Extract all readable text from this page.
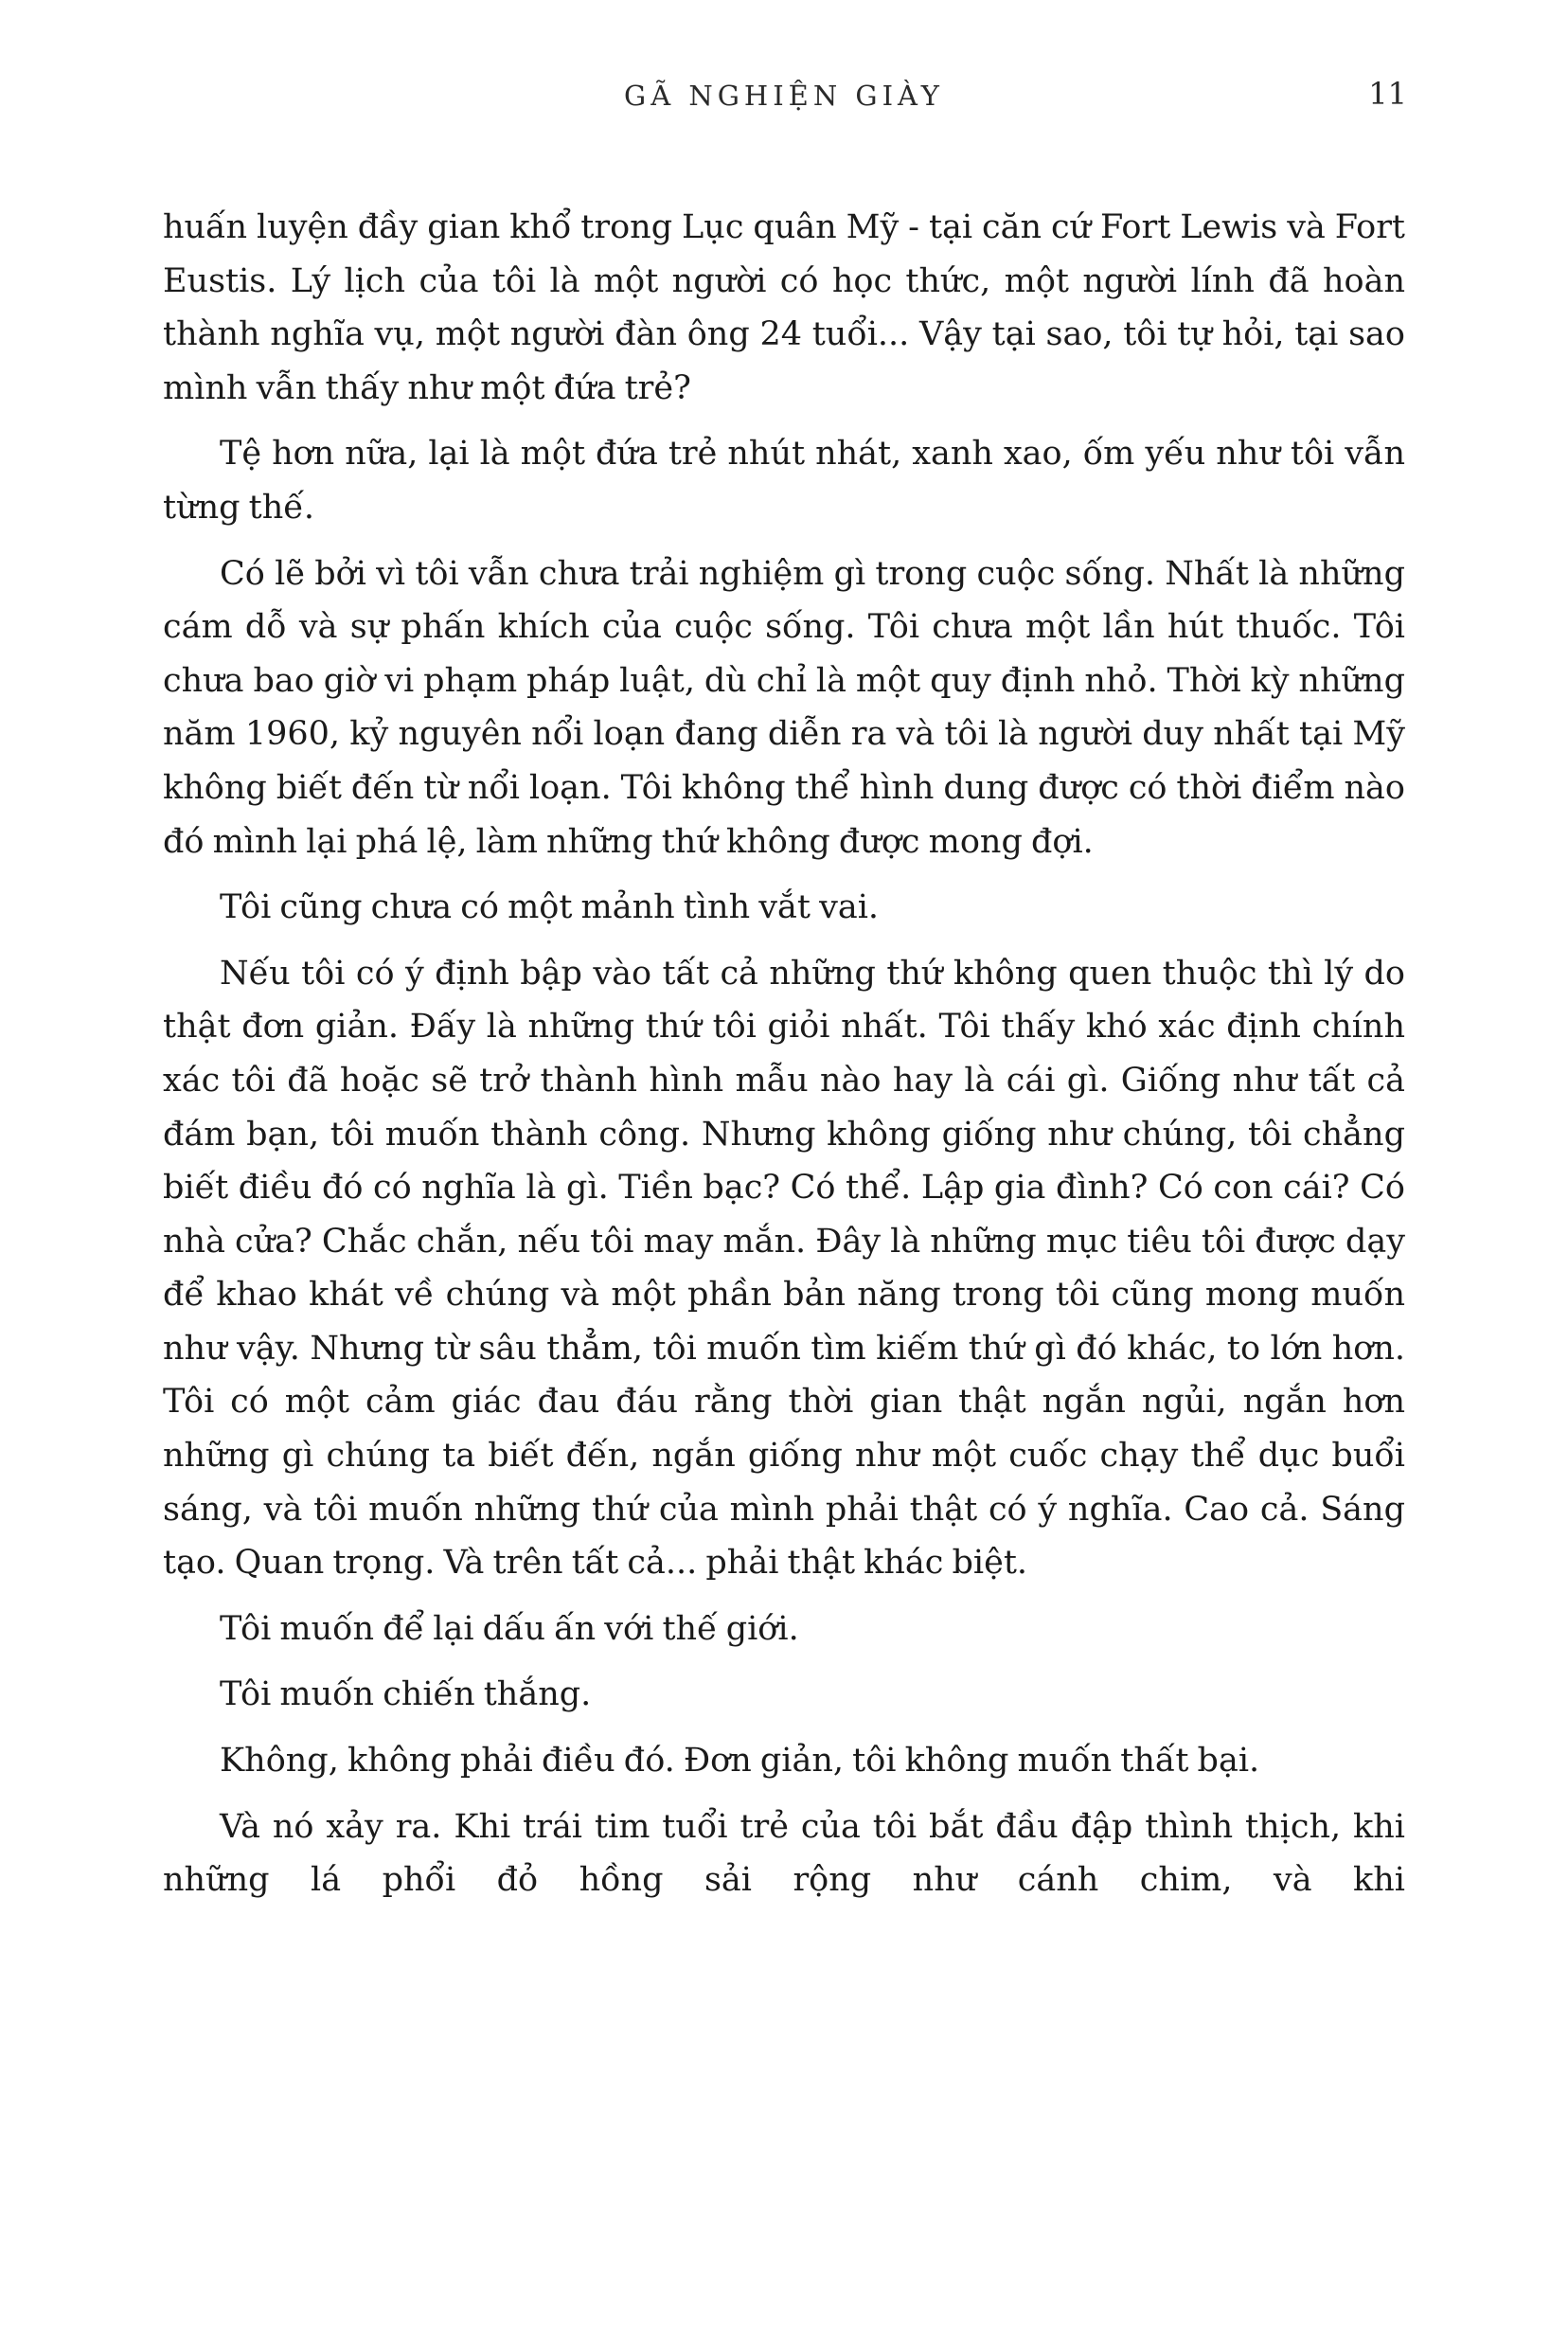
GÃ NGHIỆN GIÀY	11

huấn luyện đầy gian khổ trong Lục quân Mỹ - tại căn cứ Fort Lewis và Fort Eustis. Lý lịch của tôi là một người có học thức, một người lính đã hoàn thành nghĩa vụ, một người đàn ông 24 tuổi... Vậy tại sao, tôi tự hỏi, tại sao mình vẫn thấy như một đứa trẻ?

Tệ hơn nữa, lại là một đứa trẻ nhút nhát, xanh xao, ốm yếu như tôi vẫn từng thế.

Có lẽ bởi vì tôi vẫn chưa trải nghiệm gì trong cuộc sống. Nhất là những cám dỗ và sự phấn khích của cuộc sống. Tôi chưa một lần hút thuốc. Tôi chưa bao giờ vi phạm pháp luật, dù chỉ là một quy định nhỏ. Thời kỳ những năm 1960, kỷ nguyên nổi loạn đang diễn ra và tôi là người duy nhất tại Mỹ không biết đến từ nổi loạn. Tôi không thể hình dung được có thời điểm nào đó mình lại phá lệ, làm những thứ không được mong đợi.

Tôi cũng chưa có một mảnh tình vắt vai.

Nếu tôi có ý định bập vào tất cả những thứ không quen thuộc thì lý do thật đơn giản. Đấy là những thứ tôi giỏi nhất. Tôi thấy khó xác định chính xác tôi đã hoặc sẽ trở thành hình mẫu nào hay là cái gì. Giống như tất cả đám bạn, tôi muốn thành công. Nhưng không giống như chúng, tôi chẳng biết điều đó có nghĩa là gì. Tiền bạc? Có thể. Lập gia đình? Có con cái? Có nhà cửa? Chắc chắn, nếu tôi may mắn. Đây là những mục tiêu tôi được dạy để khao khát về chúng và một phần bản năng trong tôi cũng mong muốn như vậy. Nhưng từ sâu thẳm, tôi muốn tìm kiếm thứ gì đó khác, to lớn hơn. Tôi có một cảm giác đau đáu rằng thời gian thật ngắn ngủi, ngắn hơn những gì chúng ta biết đến, ngắn giống như một cuốc chạy thể dục buổi sáng, và tôi muốn những thứ của mình phải thật có ý nghĩa. Cao cả. Sáng tạo. Quan trọng. Và trên tất cả... phải thật khác biệt.

Tôi muốn để lại dấu ấn với thế giới.

Tôi muốn chiến thắng.

Không, không phải điều đó. Đơn giản, tôi không muốn thất bại.

Và nó xảy ra. Khi trái tim tuổi trẻ của tôi bắt đầu đập thình thịch, khi những lá phổi đỏ hồng sải rộng như cánh chim, và khi
